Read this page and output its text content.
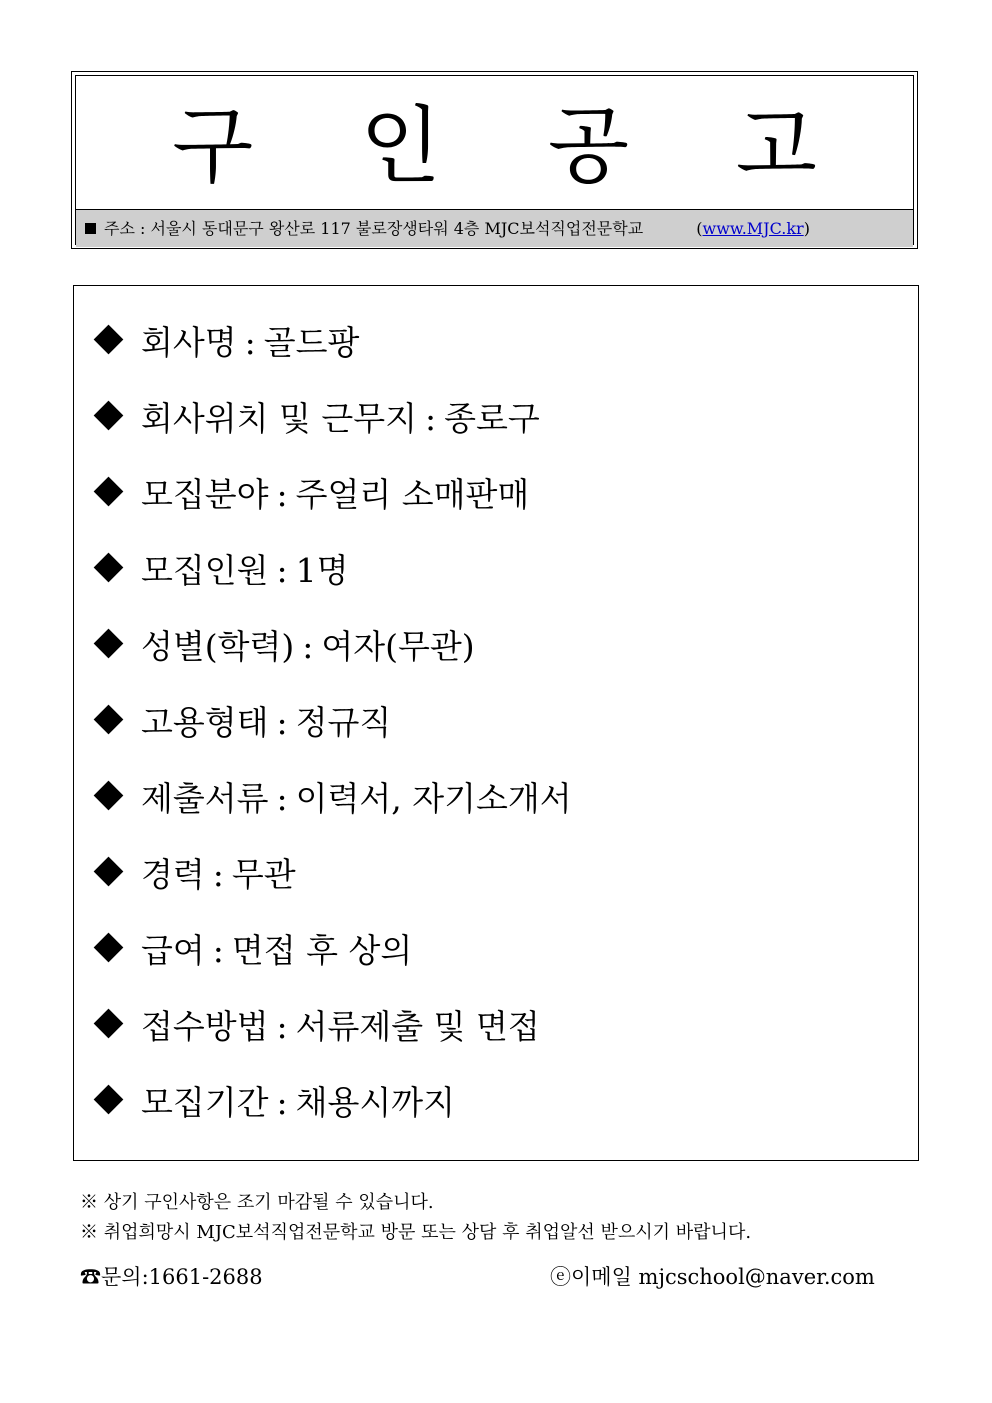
구 인 공 고
주소 : 서울시 동대문구 왕산로 117 불로장생타워 4층 MJC보석직업전문학교	(www.MJC.kr)
회사명 : 골드팡
회사위치 및 근무지 : 종로구
모집분야 : 주얼리 소매판매
모집인원 : 1명
성별(학력) : 여자(무관)
고용형태 : 정규직
제출서류 : 이력서, 자기소개서
경력 : 무관
급여 : 면접 후 상의
접수방법 : 서류제출 및 면접
모집기간 : 채용시까지
※ 상기 구인사항은 조기 마감될 수 있습니다.
※ 취업희망시 MJC보석직업전문학교 방문 또는 상담 후 취업알선 받으시기 바랍니다.
☎문의:1661-2688	ⓔ이메일 mjcschool@naver.com
